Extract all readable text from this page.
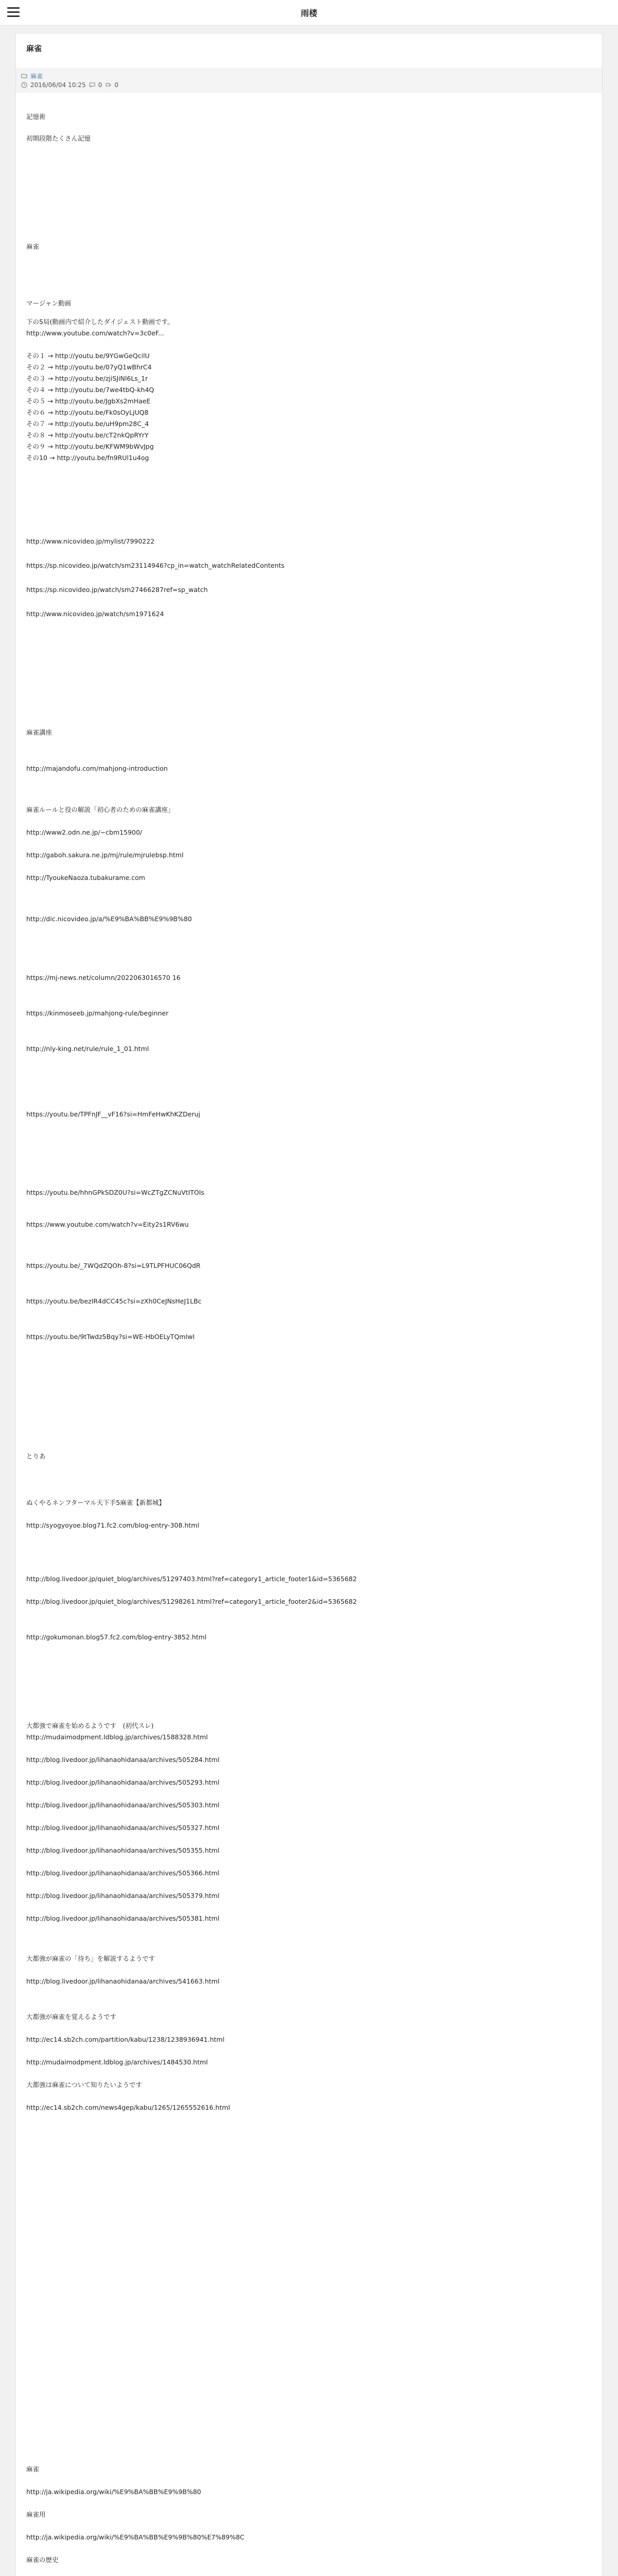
雨楼
麻雀
麻雀
2016/06/04 10:25 0 0
記憶術
初期段階たくさん記憶
麻雀
マージャン動画
下の5局(動画内で紹介したダイジェスト動画です。
http://www.youtube.com/watch?v=3c0eF...
その１ → http://youtu.be/9YGwGeQcilU
その２ → http://youtu.be/07yQ1wBhrC4
その３ → http://youtu.be/zjiSJiNl6Ls_1r
その４ → http://youtu.be/7we4tbQ-kh4Q
その５ → http://youtu.be/JgbXs2mHaeE
その６ → http://youtu.be/Fk0sOyLjUQ8
その７ → http://youtu.be/uH9pm28C_4
その８ → http://youtu.be/cT2nkQpRYrY
その９ → http://youtu.be/KFWM9bWvJpg
その10 → http://youtu.be/fn9RUl1u4og
http://www.nicovideo.jp/mylist/7990222
https://sp.nicovideo.jp/watch/sm23114946?cp_in=watch_watchRelatedContents
https://sp.nicovideo.jp/watch/sm27466287ref=sp_watch
http://www.nicovideo.jp/watch/sm1971624
麻雀講座
http://majandofu.com/mahjong-introduction
麻雀ルールと役の解説「初心者のための麻雀講座」
http://www2.odn.ne.jp/~cbm15900/
http://gaboh.sakura.ne.jp/mj/rule/mjrulebsp.html
http://TyoukeNaoza.tubakurame.com
http://dic.nicovideo.jp/a/%E9%BA%BB%E9%9B%80
https://mj-news.net/column/2022063016570 16
https://kinmoseeb.jp/mahjong-rule/beginner
http://nly-king.net/rule/rule_1_01.html
https://youtu.be/TPFnJF__vF16?si=HmFeHwKhKZDeruj
https://youtu.be/hhnGPkSDZ0U?si=WcZTgZCNuVtITOIs
https://www.youtube.com/watch?v=Eity2s1RV6wu
https://youtu.be/_7WQdZQOh-8?si=L9TLPFHUC06QdR
https://youtu.be/bezIR4dCC45c?si=zXh0CeJNsHeJ1LBc
https://youtu.be/9tTwdz5Bqy?si=WE-HbOELyTQmIwI
とりあ
ぬくやるネンフターマル天下手5麻雀【新都城】
http://syogyoyoe.blog71.fc2.com/blog-entry-308.html
http://blog.livedoor.jp/quiet_blog/archives/51297403.html?ref=category1_article_footer1&id=5365682
http://blog.livedoor.jp/quiet_blog/archives/51298261.html?ref=category1_article_footer2&id=5365682
http://gokumonan.blog57.fc2.com/blog-entry-3852.html
大都強で麻雀を始めるようです　(初代スレ)
http://mudaimodpment.ldblog.jp/archives/1588328.html
http://blog.livedoor.jp/lihanaohidanaa/archives/505284.html
http://blog.livedoor.jp/lihanaohidanaa/archives/505293.html
http://blog.livedoor.jp/lihanaohidanaa/archives/505303.html
http://blog.livedoor.jp/lihanaohidanaa/archives/505327.html
http://blog.livedoor.jp/lihanaohidanaa/archives/505355.html
http://blog.livedoor.jp/lihanaohidanaa/archives/505366.html
http://blog.livedoor.jp/lihanaohidanaa/archives/505379.html
http://blog.livedoor.jp/lihanaohidanaa/archives/505381.html
大都強が麻雀の「待ち」を解説するようです
http://blog.livedoor.jp/lihanaohidanaa/archives/541663.html
大都強が麻雀を覚えるようです
http://ec14.sb2ch.com/partition/kabu/1238/1238936941.html
http://mudaimodpment.ldblog.jp/archives/1484530.html
大都強は麻雀について知りたいようです
http://ec14.sb2ch.com/news4gep/kabu/1265/1265552616.html
麻雀
http://ja.wikipedia.org/wiki/%E9%BA%BB%E9%9B%80
麻雀用
http://ja.wikipedia.org/wiki/%E9%BA%BB%E9%9B%80%E7%89%8C
麻雀の歴史
